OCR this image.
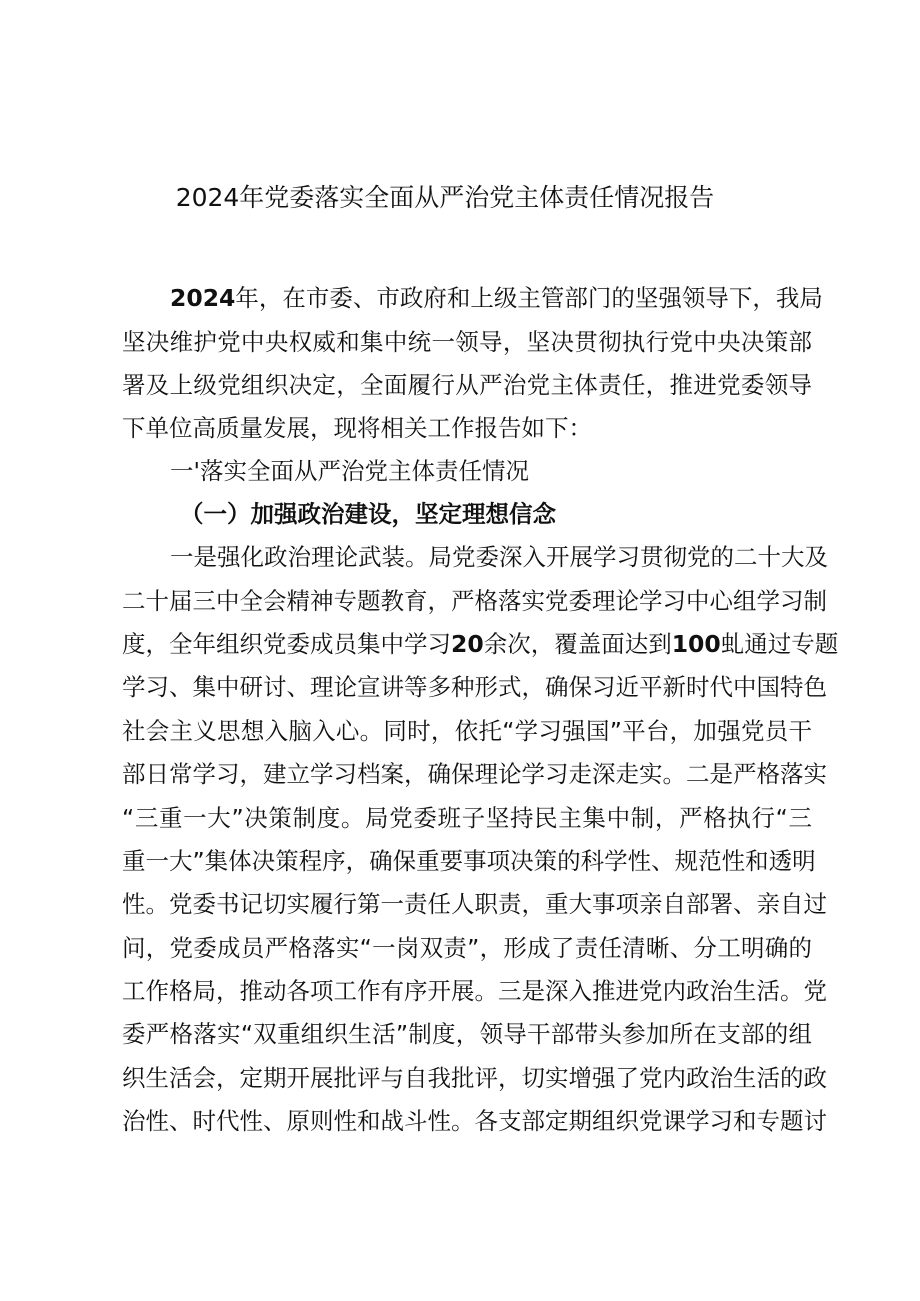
2024年党委落实全面从严治党主体责任情况报告
2024年，在市委、市政府和上级主管部门的坚强领导下，我局
坚决维护党中央权威和集中统一领导，坚决贯彻执行党中央决策部
署及上级党组织决定，全面履行从严治党主体责任，推进党委领导
下单位高质量发展，现将相关工作报告如下：
一'落实全面从严治党主体责任情况
（一）加强政治建设，坚定理想信念
一是强化政治理论武装。局党委深入开展学习贯彻党的二十大及
二十届三中全会精神专题教育，严格落实党委理论学习中心组学习制
度，全年组织党委成员集中学习20余次，覆盖面达到100虬通过专题
学习、集中研讨、理论宣讲等多种形式，确保习近平新时代中国特色
社会主义思想入脑入心。同时，依托“学习强国”平台，加强党员干
部日常学习，建立学习档案，确保理论学习走深走实。二是严格落实
“三重一大”决策制度。局党委班子坚持民主集中制，严格执行“三
重一大”集体决策程序，确保重要事项决策的科学性、规范性和透明
性。党委书记切实履行第一责任人职责，重大事项亲自部署、亲自过
问，党委成员严格落实“一岗双责”，形成了责任清晰、分工明确的
工作格局，推动各项工作有序开展。三是深入推进党内政治生活。党
委严格落实“双重组织生活”制度，领导干部带头参加所在支部的组
织生活会，定期开展批评与自我批评，切实增强了党内政治生活的政
治性、时代性、原则性和战斗性。各支部定期组织党课学习和专题讨
